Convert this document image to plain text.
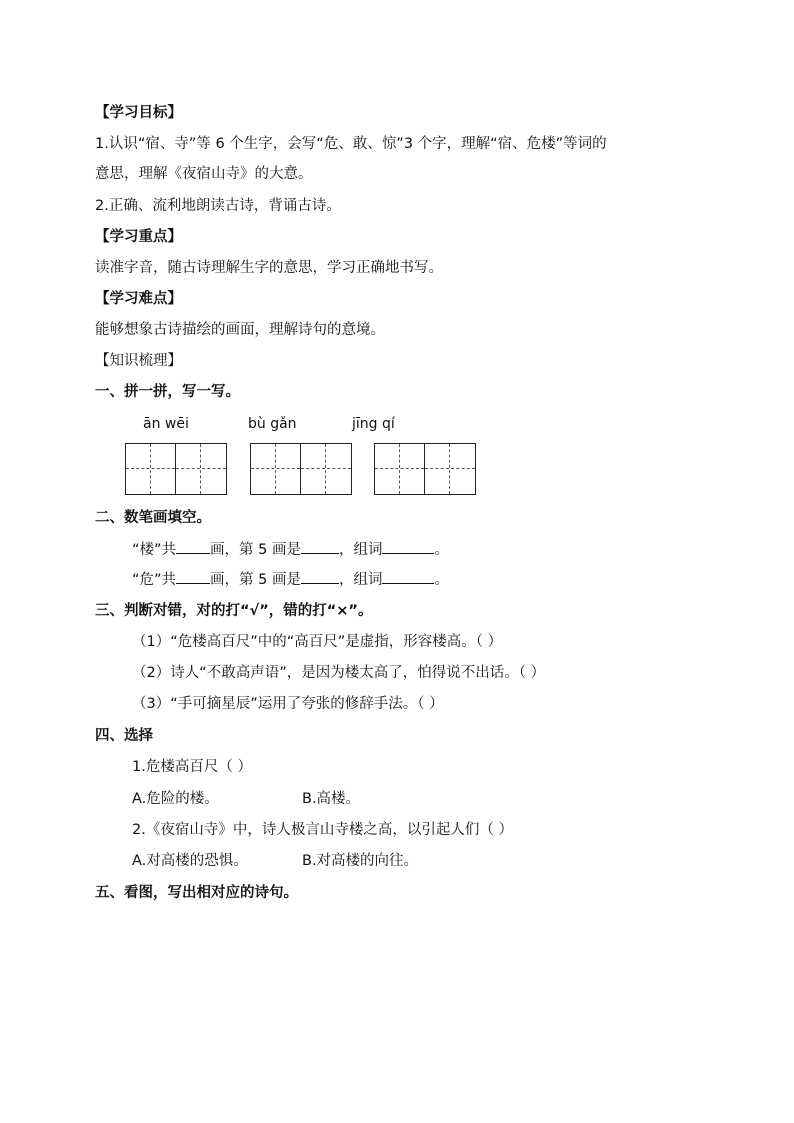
【学习目标】
1.认识“宿、寺”等 6 个生字，会写“危、敢、惊”3 个字，理解“宿、危楼”等词的
意思，理解《夜宿山寺》的大意。
2.正确、流利地朗读古诗，背诵古诗。
【学习重点】
读准字音，随古诗理解生字的意思，学习正确地书写。
【学习难点】
能够想象古诗描绘的画面，理解诗句的意境。
【知识梳理】
一、拼一拼，写一写。
ān wēi	bù gǎn	jīng qí
二、数笔画填空。
“楼”共 画，第 5 画是	，组词	。
“危”共 画，第 5 画是	，组词	。
三、判断对错，对的打“√”，错的打“×”。
（1）“危楼高百尺”中的“高百尺”是虚指，形容楼高。（ ）
（2）诗人“不敢高声语”，是因为楼太高了，怕得说不出话。（ ）
（3）“手可摘星辰”运用了夸张的修辞手法。（ ）
四、选择
1.危楼高百尺（ ）
A.危险的楼。	B.高楼。
2.《夜宿山寺》中，诗人极言山寺楼之高，以引起人们（ ）
A.对高楼的恐惧。	B.对高楼的向往。
五、看图，写出相对应的诗句。
